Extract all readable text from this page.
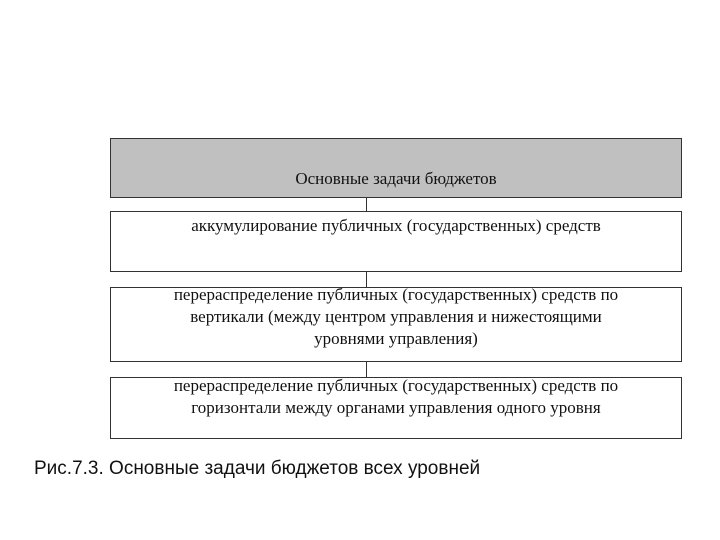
Основные задачи бюджетов
аккумулирование публичных (государственных) средств
перераспределение публичных (государственных) средств по
вертикали (между центром управления и нижестоящими
уровнями управления)
перераспределение публичных (государственных) средств по
горизонтали между органами управления одного уровня
Рис.7.3. Основные задачи бюджетов всех уровней
